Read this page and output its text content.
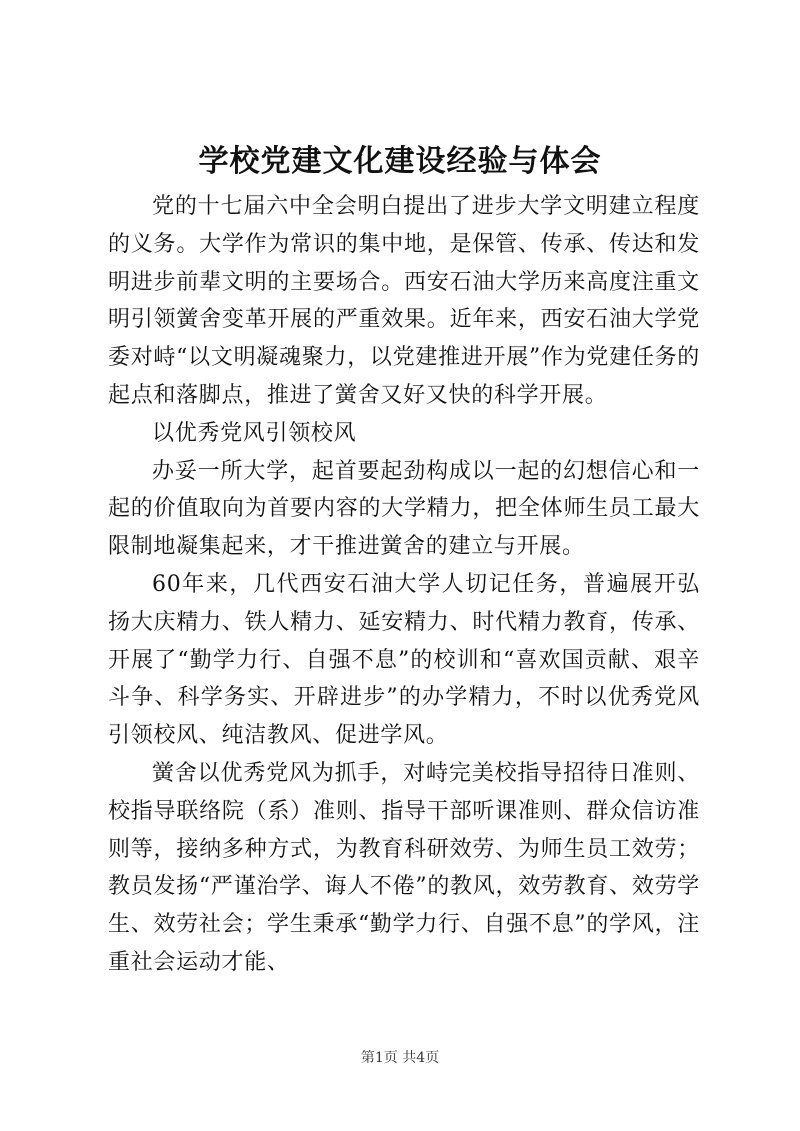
学校党建文化建设经验与体会

党的十七届六中全会明白提出了进步大学文明建立程度的义务。大学作为常识的集中地，是保管、传承、传达和发明进步前辈文明的主要场合。西安石油大学历来高度注重文明引领黉舍变革开展的严重效果。近年来，西安石油大学党委对峙“以文明凝魂聚力，以党建推进开展”作为党建任务的起点和落脚点，推进了黉舍又好又快的科学开展。

以优秀党风引领校风

办妥一所大学，起首要起劲构成以一起的幻想信心和一起的价值取向为首要内容的大学精力，把全体师生员工最大限制地凝集起来，才干推进黉舍的建立与开展。

60年来，几代西安石油大学人切记任务，普遍展开弘扬大庆精力、铁人精力、延安精力、时代精力教育，传承、开展了“勤学力行、自强不息”的校训和“喜欢国贡献、艰辛斗争、科学务实、开辟进步”的办学精力，不时以优秀党风引领校风、纯洁教风、促进学风。

黉舍以优秀党风为抓手，对峙完美校指导招待日准则、校指导联络院（系）准则、指导干部听课准则、群众信访准则等，接纳多种方式，为教育科研效劳、为师生员工效劳；教员发扬“严谨治学、诲人不倦”的教风，效劳教育、效劳学生、效劳社会；学生秉承“勤学力行、自强不息”的学风，注重社会运动才能、

第1页 共4页
